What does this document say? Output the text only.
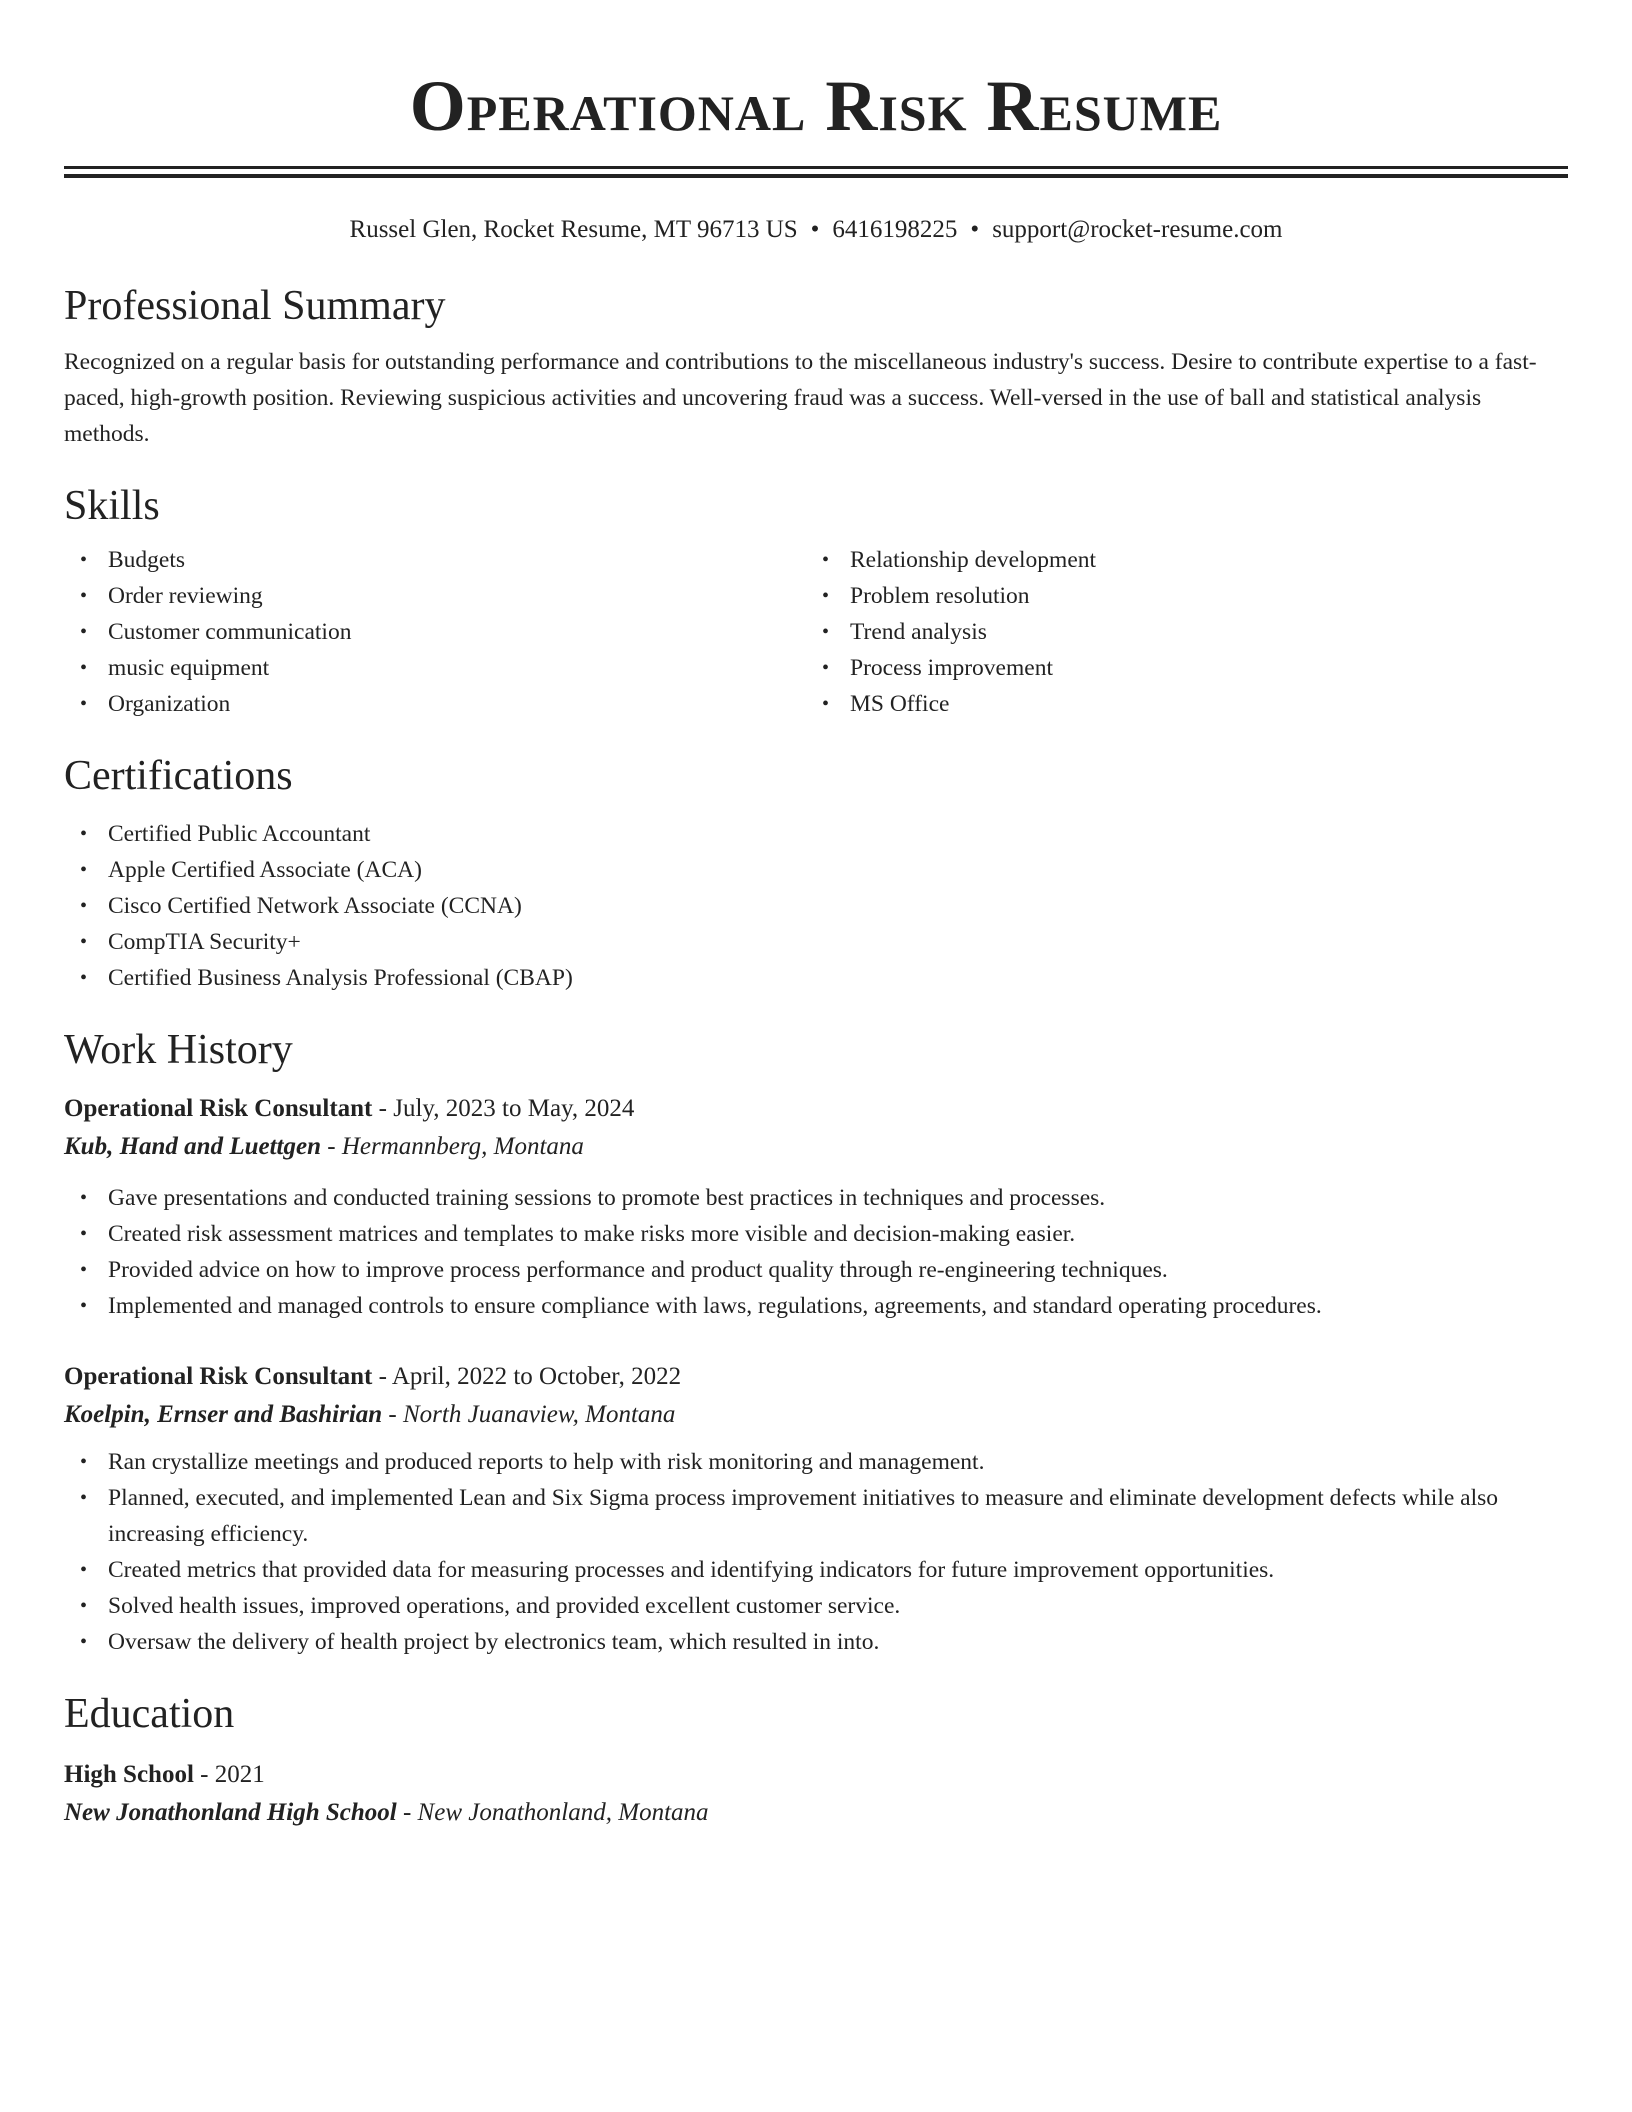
Operational Risk Resume
Russel Glen, Rocket Resume, MT 96713 US • 6416198225 • support@rocket-resume.com
Professional Summary

Recognized on a regular basis for outstanding performance and contributions to the miscellaneous industry's success. Desire to contribute expertise to a fast-paced, high-growth position. Reviewing suspicious activities and uncovering fraud was a success. Well-versed in the use of ball and statistical analysis methods.

Skills
• Budgets
• Order reviewing
• Customer communication
• music equipment
• Organization
• Relationship development
• Problem resolution
• Trend analysis
• Process improvement
• MS Office
Certifications
• Certified Public Accountant
• Apple Certified Associate (ACA)
• Cisco Certified Network Associate (CCNA)
• CompTIA Security+
• Certified Business Analysis Professional (CBAP)
Work History
Operational Risk Consultant - July, 2023 to May, 2024
Kub, Hand and Luettgen - Hermannberg, Montana
• Gave presentations and conducted training sessions to promote best practices in techniques and processes.
• Created risk assessment matrices and templates to make risks more visible and decision-making easier.
• Provided advice on how to improve process performance and product quality through re-engineering techniques.
• Implemented and managed controls to ensure compliance with laws, regulations, agreements, and standard operating procedures.
Operational Risk Consultant - April, 2022 to October, 2022
Koelpin, Ernser and Bashirian - North Juanaview, Montana
• Ran crystallize meetings and produced reports to help with risk monitoring and management.
• Planned, executed, and implemented Lean and Six Sigma process improvement initiatives to measure and eliminate development defects while also increasing efficiency.
• Created metrics that provided data for measuring processes and identifying indicators for future improvement opportunities.
• Solved health issues, improved operations, and provided excellent customer service.
• Oversaw the delivery of health project by electronics team, which resulted in into.
Education
High School - 2021
New Jonathonland High School - New Jonathonland, Montana
